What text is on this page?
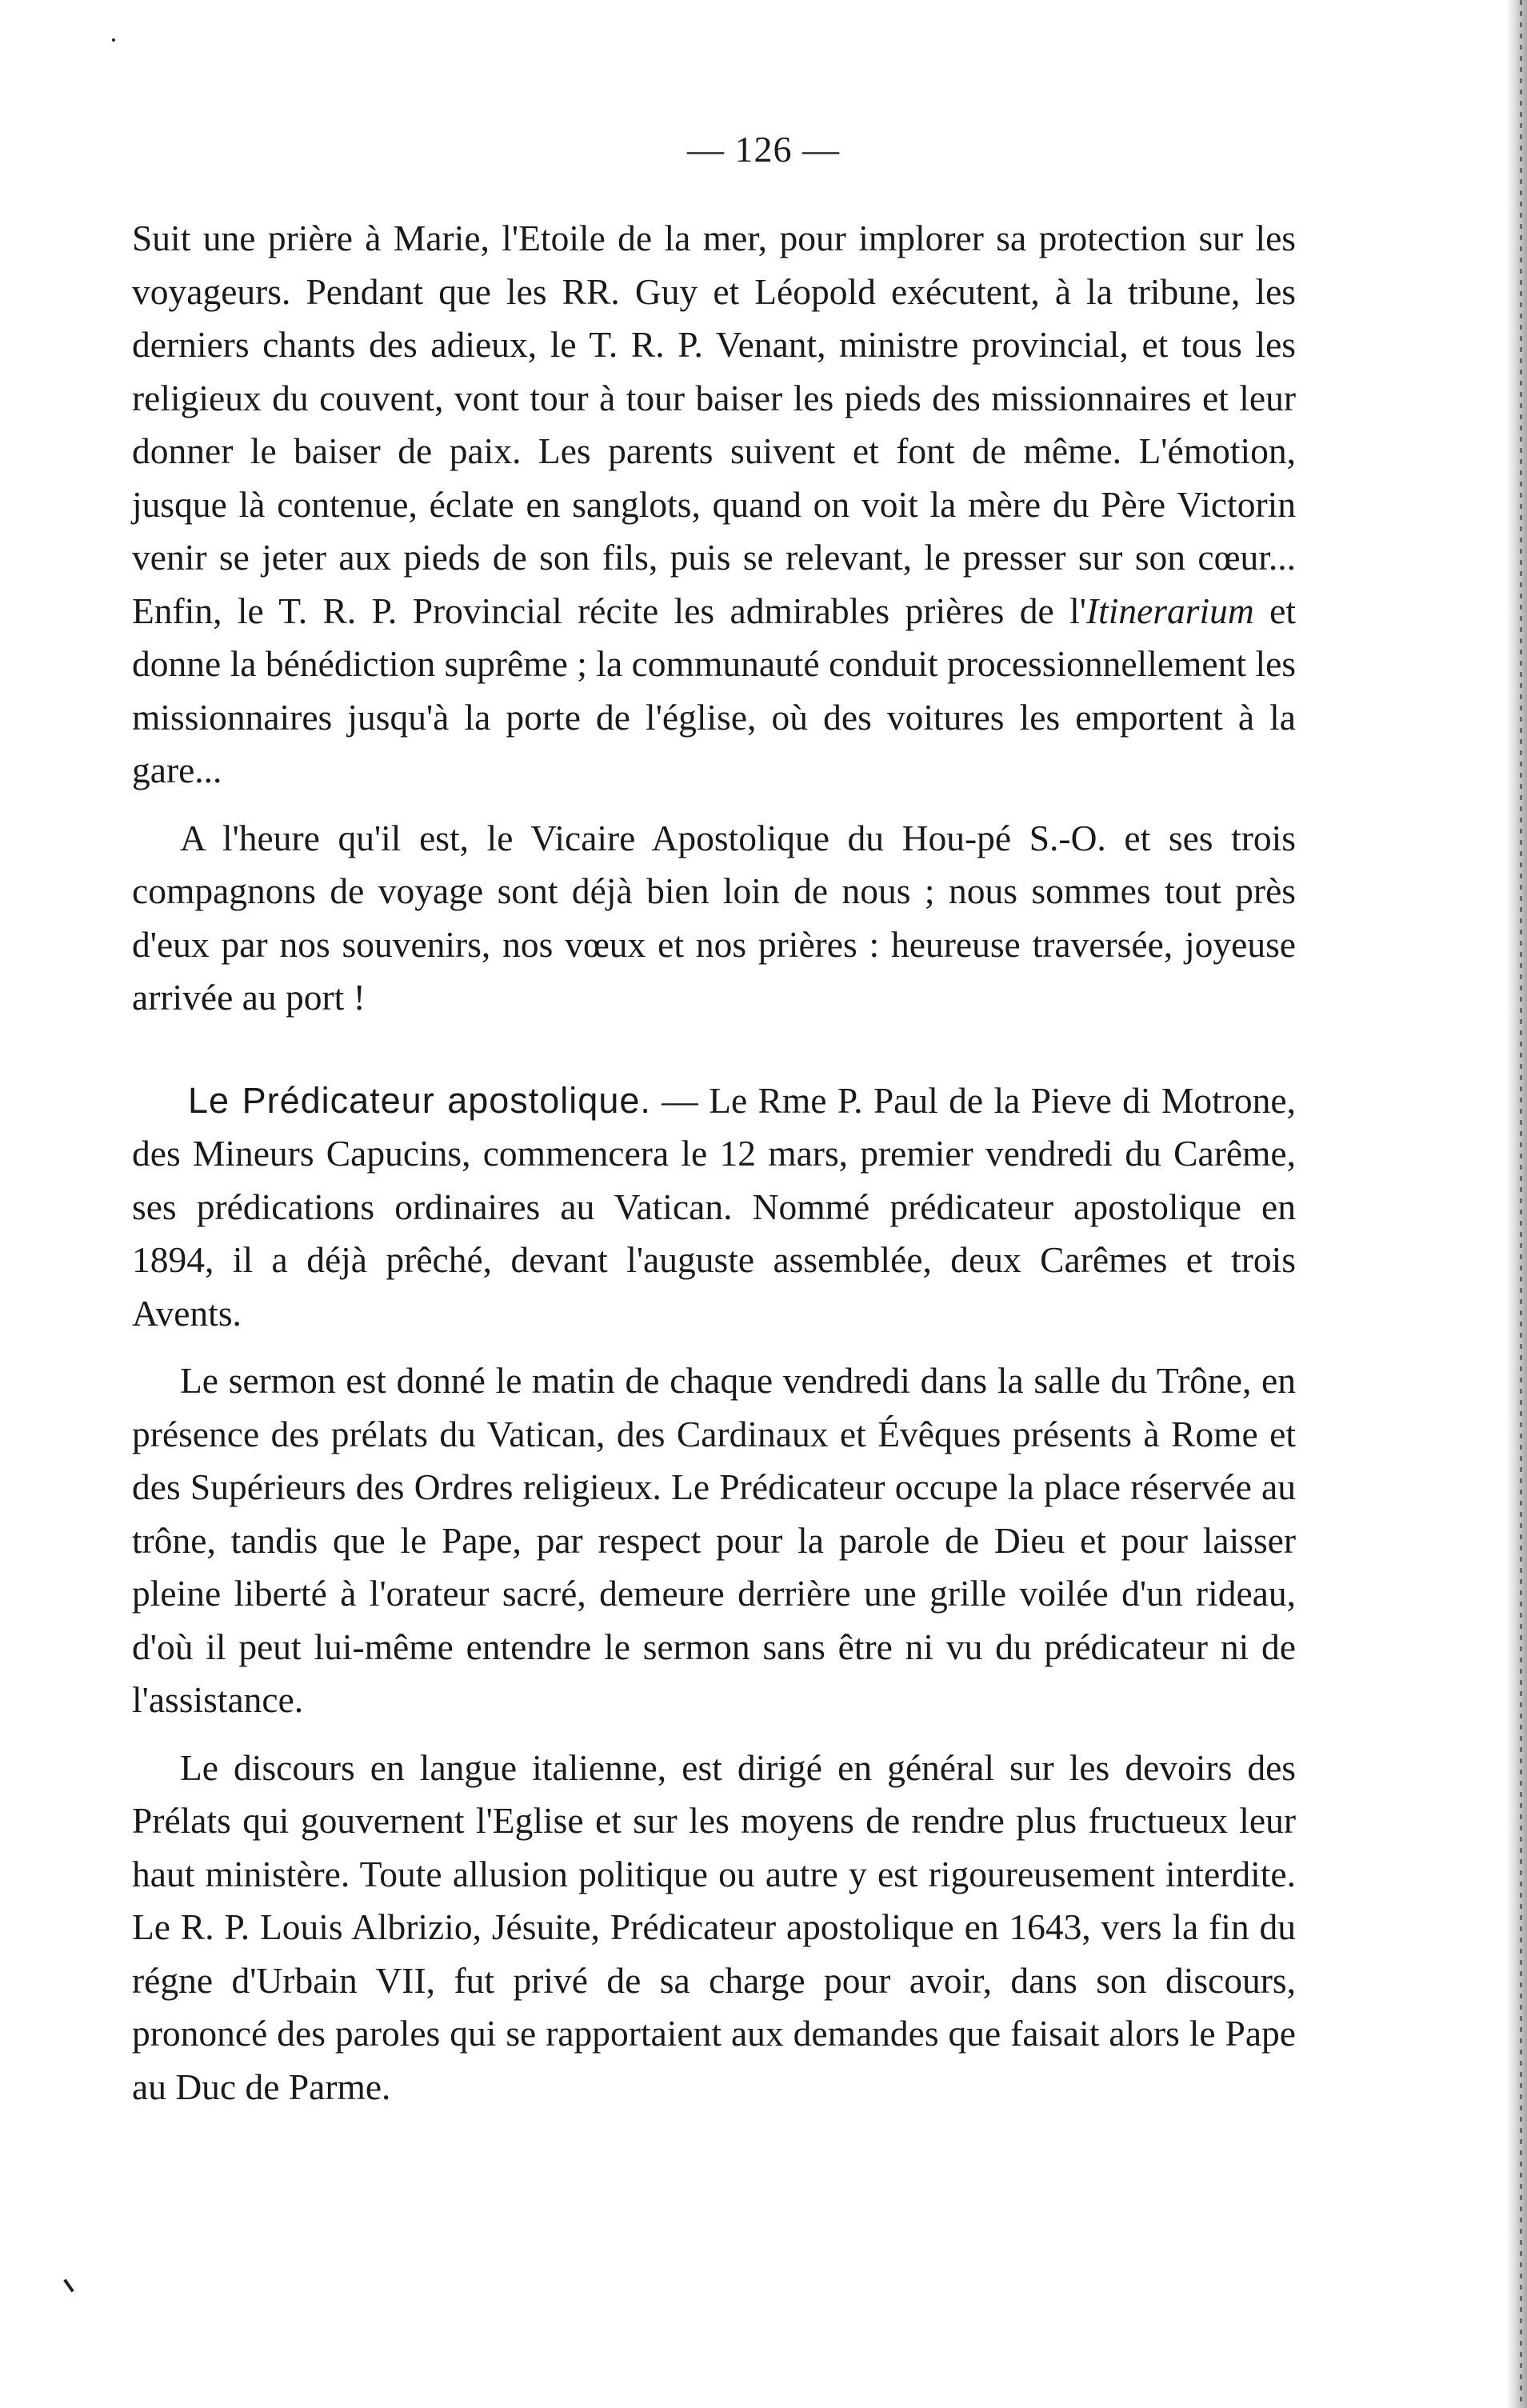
— 126 —

Suit une prière à Marie, l'Etoile de la mer, pour implorer sa protection sur les voyageurs. Pendant que les RR. Guy et Léopold exécutent, à la tribune, les derniers chants des adieux, le T. R. P. Venant, ministre provincial, et tous les religieux du couvent, vont tour à tour baiser les pieds des missionnaires et leur donner le baiser de paix. Les parents suivent et font de même. L'émotion, jusque là contenue, éclate en sanglots, quand on voit la mère du Père Victorin venir se jeter aux pieds de son fils, puis se relevant, le presser sur son cœur... Enfin, le T. R. P. Provincial récite les admirables prières de l'Itinerarium et donne la bénédiction suprême ; la communauté conduit processionnellement les missionnaires jusqu'à la porte de l'église, où des voitures les emportent à la gare...

A l'heure qu'il est, le Vicaire Apostolique du Hou-pé S.-O. et ses trois compagnons de voyage sont déjà bien loin de nous ; nous sommes tout près d'eux par nos souvenirs, nos vœux et nos prières : heureuse traversée, joyeuse arrivée au port !

Le Prédicateur apostolique. — Le Rme P. Paul de la Pieve di Motrone, des Mineurs Capucins, commencera le 12 mars, premier vendredi du Carême, ses prédications ordinaires au Vatican. Nommé prédicateur apostolique en 1894, il a déjà prêché, devant l'auguste assemblée, deux Carêmes et trois Avents.

Le sermon est donné le matin de chaque vendredi dans la salle du Trône, en présence des prélats du Vatican, des Cardinaux et Évêques présents à Rome et des Supérieurs des Ordres religieux. Le Prédicateur occupe la place réservée au trône, tandis que le Pape, par respect pour la parole de Dieu et pour laisser pleine liberté à l'orateur sacré, demeure derrière une grille voilée d'un rideau, d'où il peut lui-même entendre le sermon sans être ni vu du prédicateur ni de l'assistance.

Le discours en langue italienne, est dirigé en général sur les devoirs des Prélats qui gouvernent l'Eglise et sur les moyens de rendre plus fructueux leur haut ministère. Toute allusion politique ou autre y est rigoureusement interdite. Le R. P. Louis Albrizio, Jésuite, Prédicateur apostolique en 1643, vers la fin du régne d'Urbain VII, fut privé de sa charge pour avoir, dans son discours, prononcé des paroles qui se rapportaient aux demandes que faisait alors le Pape au Duc de Parme.
